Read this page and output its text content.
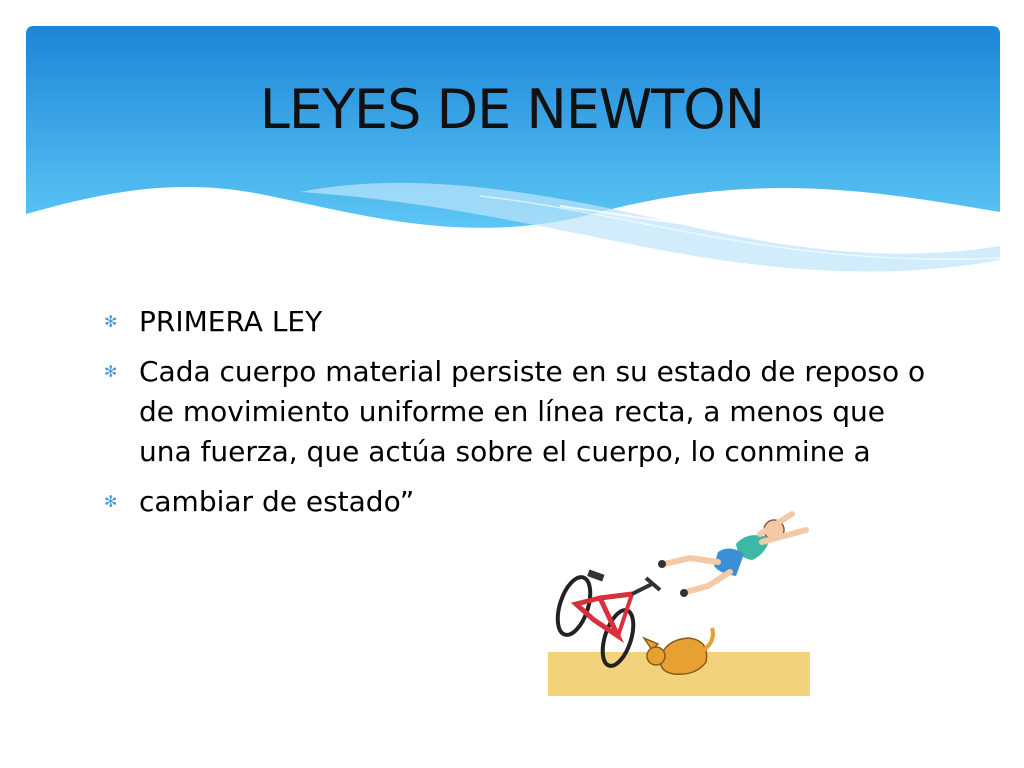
LEYES DE NEWTON
✻ PRIMERA LEY
✻ Cada cuerpo material persiste en su estado de reposo o de movimiento uniforme en línea recta, a menos que una fuerza, que actúa sobre el cuerpo, lo conmine a
✻ cambiar de estado”
